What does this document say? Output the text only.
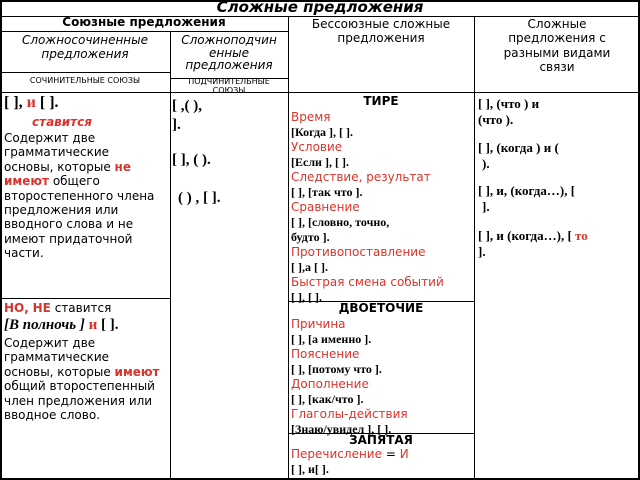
Сложные предложения
Союзные предложения
Сложносочиненные
предложения
Сложноподчин
енные
предложения
СОЧИНИТЕЛЬНЫЕ СОЮЗЫ	ПОДЧИНИТЕЛЬНЫЕ
СОЮЗЫ
Бессоюзные сложные
предложения
Сложные
предложения с
разными видами
связи
[ ], и [ ].
ставится
Содержит две
грамматические
основы, которые не
имеют общего
второстепенного члена
предложения или
вводного слова и не
имеют придаточной
части.
НО, НЕ ставится
[В полночь ] и [ ].
Содержит две
грамматические
основы, которые имеют
общий второстепенный
член предложения или
вводное слово.
[ ,( ),
].
[ ], ( ).
( ) , [ ].
ТИРЕ
Время
[Когда ], [ ].
Условие
[Если ], [ ].
Следствие, результат
[ ], [так что ].
Сравнение
[ ], [словно, точно,
будто ].
Противопоставление
[ ],а [ ].
Быстрая смена событий
[ ], [ ].
ДВОЕТОЧИЕ
Причина
[ ], [а именно ].
Пояснение
[ ], [потому что ].
Дополнение
[ ], [как/что ].
Глаголы-действия
[Знаю/увидел ], [ ].
ЗАПЯТАЯ
Перечисление = И
[ ], и[ ].
[ ], (что ) и
(что ).
[ ], (когда ) и (
).
[ ], и, (когда…), [
].
[ ], и (когда…), [ то
].
